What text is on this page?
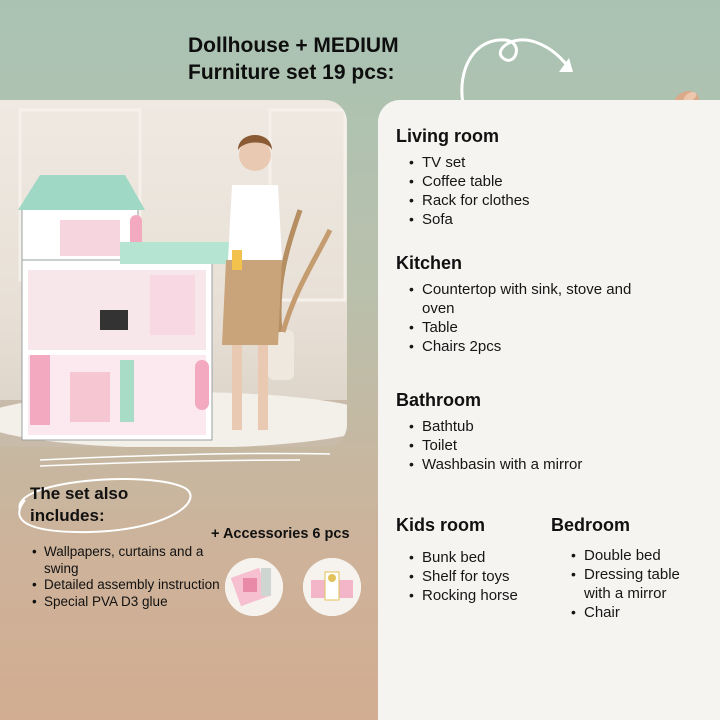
Dollhouse + MEDIUM
Furniture set 19 pcs:
Living room
• TV set
• Coffee table
• Rack for clothes
• Sofa
Kitchen
• Countertop with sink, stove and oven
• Table
• Chairs 2pcs
Bathroom
• Bathtub
• Toilet
• Washbasin with a mirror
Kids room
• Bunk bed
• Shelf for toys
• Rocking horse
Bedroom
• Double bed
• Dressing table with a mirror
• Chair
The set also includes:
• Wallpapers, curtains and a swing
• Detailed assembly instruction
• Special PVA D3 glue
+ Accessories 6 pcs
